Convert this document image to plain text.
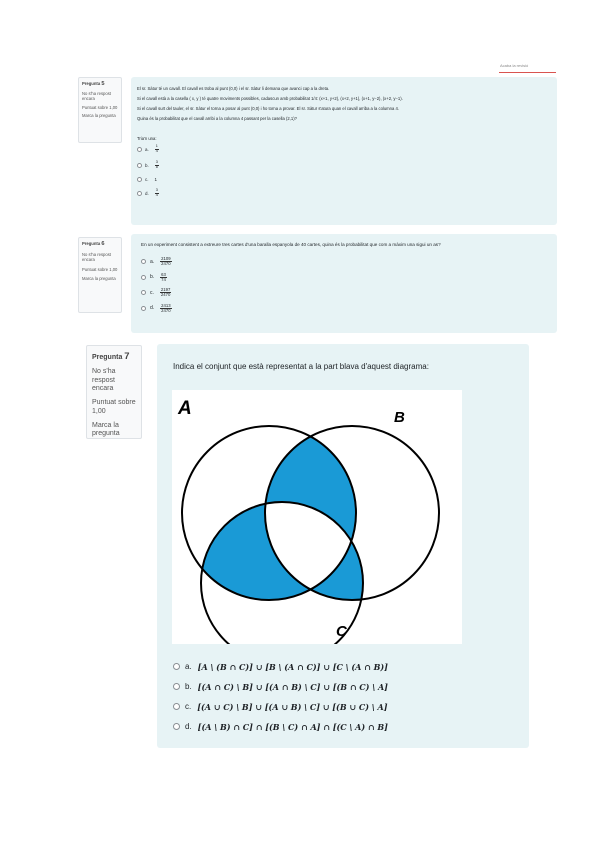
Acaba la revisió
Pregunta 5
No s'ha respost encara
Puntuat sobre 1,00
Marca la pregunta

El sr. Sàtur té un cavall. El cavall es troba al punt (0,0) i el sr. Sàtur li demana que avanci cap a la dreta.

Si el cavall està a la casella ( x, y ) té quatre moviments possibles, cadascun amb probabilitat 1/4: (x+1, y+2), (x+2, y+1), (x+1, y−2), (x+2, y−1).

Si el cavall surt del tauler, el sr. Sàtur el torna a posar al punt (0,0) i ho torna a provar. El sr. Sàtur s'atura quan el cavall arriba a la columna 4.

Quina és la probabilitat que el cavall arribi a la columna 4 passant per la casella (2,1)?

Tria'n una:

a. $\frac{1}{4}$
b. $\frac{3}{8}$
c. 1
d. $\frac{3}{4}$
Pregunta 6
No s'ha respost encara
Puntuat sobre 1,00
Marca la pregunta
En un experiment consistent a extreure tres cartes d'una baralla espanyola de 40 cartes, quina és la probabilitat que com a màxim una sigui un as?
a. $\frac{2109}{2470}$
b. $\frac{63}{74}$
c. $\frac{2197}{2470}$
d. $\frac{2413}{2470}$
Pregunta 7
No s'ha respost encara
Puntuat sobre 1,00
Marca la pregunta
Indica el conjunt que està representat a la part blava d'aquest diagrama:
a. [A \ (B ∩ C)] ∪ [B \ (A ∩ C)] ∪ [C \ (A ∩ B)]
b. [(A ∩ C) \ B] ∪ [(A ∩ B) \ C] ∪ [(B ∩ C) \ A]
c. [(A ∪ C) \ B] ∪ [(A ∪ B) \ C] ∪ [(B ∪ C) \ A]
d. [(A \ B) ∩ C] ∩ [(B \ C) ∩ A] ∩ [(C \ A) ∩ B]
A	B
C
